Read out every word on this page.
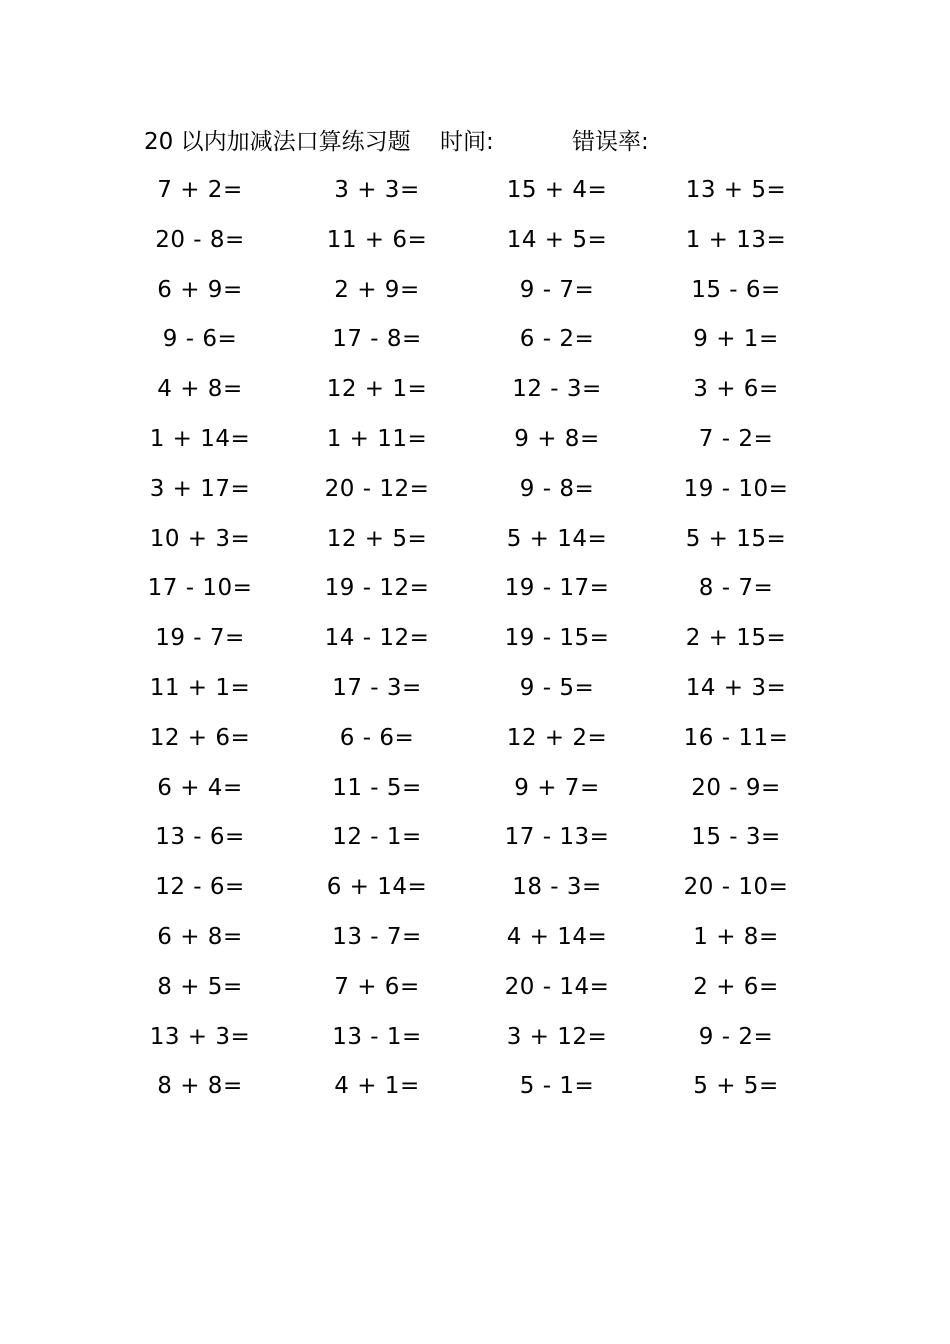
20 以内加减法口算练习题 时间:	错误率:
7 + 2=	3 + 3=	15 + 4=	13 + 5=
20 - 8=	11 + 6=	14 + 5=	1 + 13=
6 + 9=	2 + 9=	9 - 7=	15 - 6=
9 - 6=	17 - 8=	6 - 2=	9 + 1=
4 + 8=	12 + 1=	12 - 3=	3 + 6=
1 + 14=	1 + 11=	9 + 8=	7 - 2=
3 + 17=	20 - 12=	9 - 8=	19 - 10=
10 + 3=	12 + 5=	5 + 14=	5 + 15=
17 - 10=	19 - 12=	19 - 17=	8 - 7=
19 - 7=	14 - 12=	19 - 15=	2 + 15=
11 + 1=	17 - 3=	9 - 5=	14 + 3=
12 + 6=	6 - 6=	12 + 2=	16 - 11=
6 + 4=	11 - 5=	9 + 7=	20 - 9=
13 - 6=	12 - 1=	17 - 13=	15 - 3=
12 - 6=	6 + 14=	18 - 3=	20 - 10=
6 + 8=	13 - 7=	4 + 14=	1 + 8=
8 + 5=	7 + 6=	20 - 14=	2 + 6=
13 + 3=	13 - 1=	3 + 12=	9 - 2=
8 + 8=	4 + 1=	5 - 1=	5 + 5=
